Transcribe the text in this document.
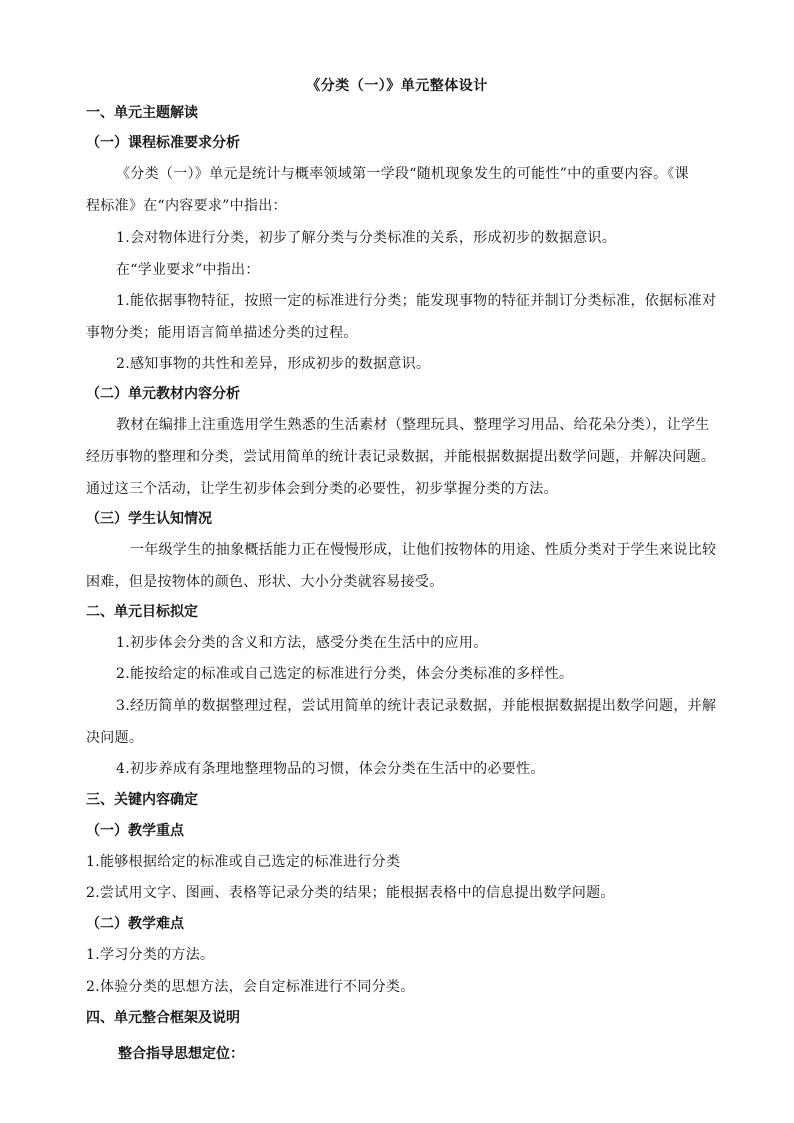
《分类（一）》单元整体设计
一、单元主题解读
（一）课程标准要求分析
《分类（一）》单元是统计与概率领域第一学段“随机现象发生的可能性”中的重要内容。《课
程标准》在“内容要求”中指出：
1.会对物体进行分类，初步了解分类与分类标准的关系，形成初步的数据意识。
在“学业要求”中指出：
1.能依据事物特征，按照一定的标准进行分类；能发现事物的特征并制订分类标准，依据标准对
事物分类；能用语言简单描述分类的过程。
2.感知事物的共性和差异，形成初步的数据意识。
（二）单元教材内容分析
教材在编排上注重选用学生熟悉的生活素材（整理玩具、整理学习用品、给花朵分类），让学生
经历事物的整理和分类，尝试用简单的统计表记录数据，并能根据数据提出数学问题，并解决问题。
通过这三个活动，让学生初步体会到分类的必要性，初步掌握分类的方法。
（三）学生认知情况
一年级学生的抽象概括能力正在慢慢形成，让他们按物体的用途、性质分类对于学生来说比较
困难，但是按物体的颜色、形状、大小分类就容易接受。
二、单元目标拟定
1.初步体会分类的含义和方法，感受分类在生活中的应用。
2.能按给定的标准或自己选定的标准进行分类，体会分类标准的多样性。
3.经历简单的数据整理过程，尝试用简单的统计表记录数据，并能根据数据提出数学问题，并解
决问题。
4.初步养成有条理地整理物品的习惯，体会分类在生活中的必要性。
三、关键内容确定
（一）教学重点
1.能够根据给定的标准或自己选定的标准进行分类
2.尝试用文字、图画、表格等记录分类的结果；能根据表格中的信息提出数学问题。
（二）教学难点
1.学习分类的方法。
2.体验分类的思想方法，会自定标准进行不同分类。
四、单元整合框架及说明
整合指导思想定位：
